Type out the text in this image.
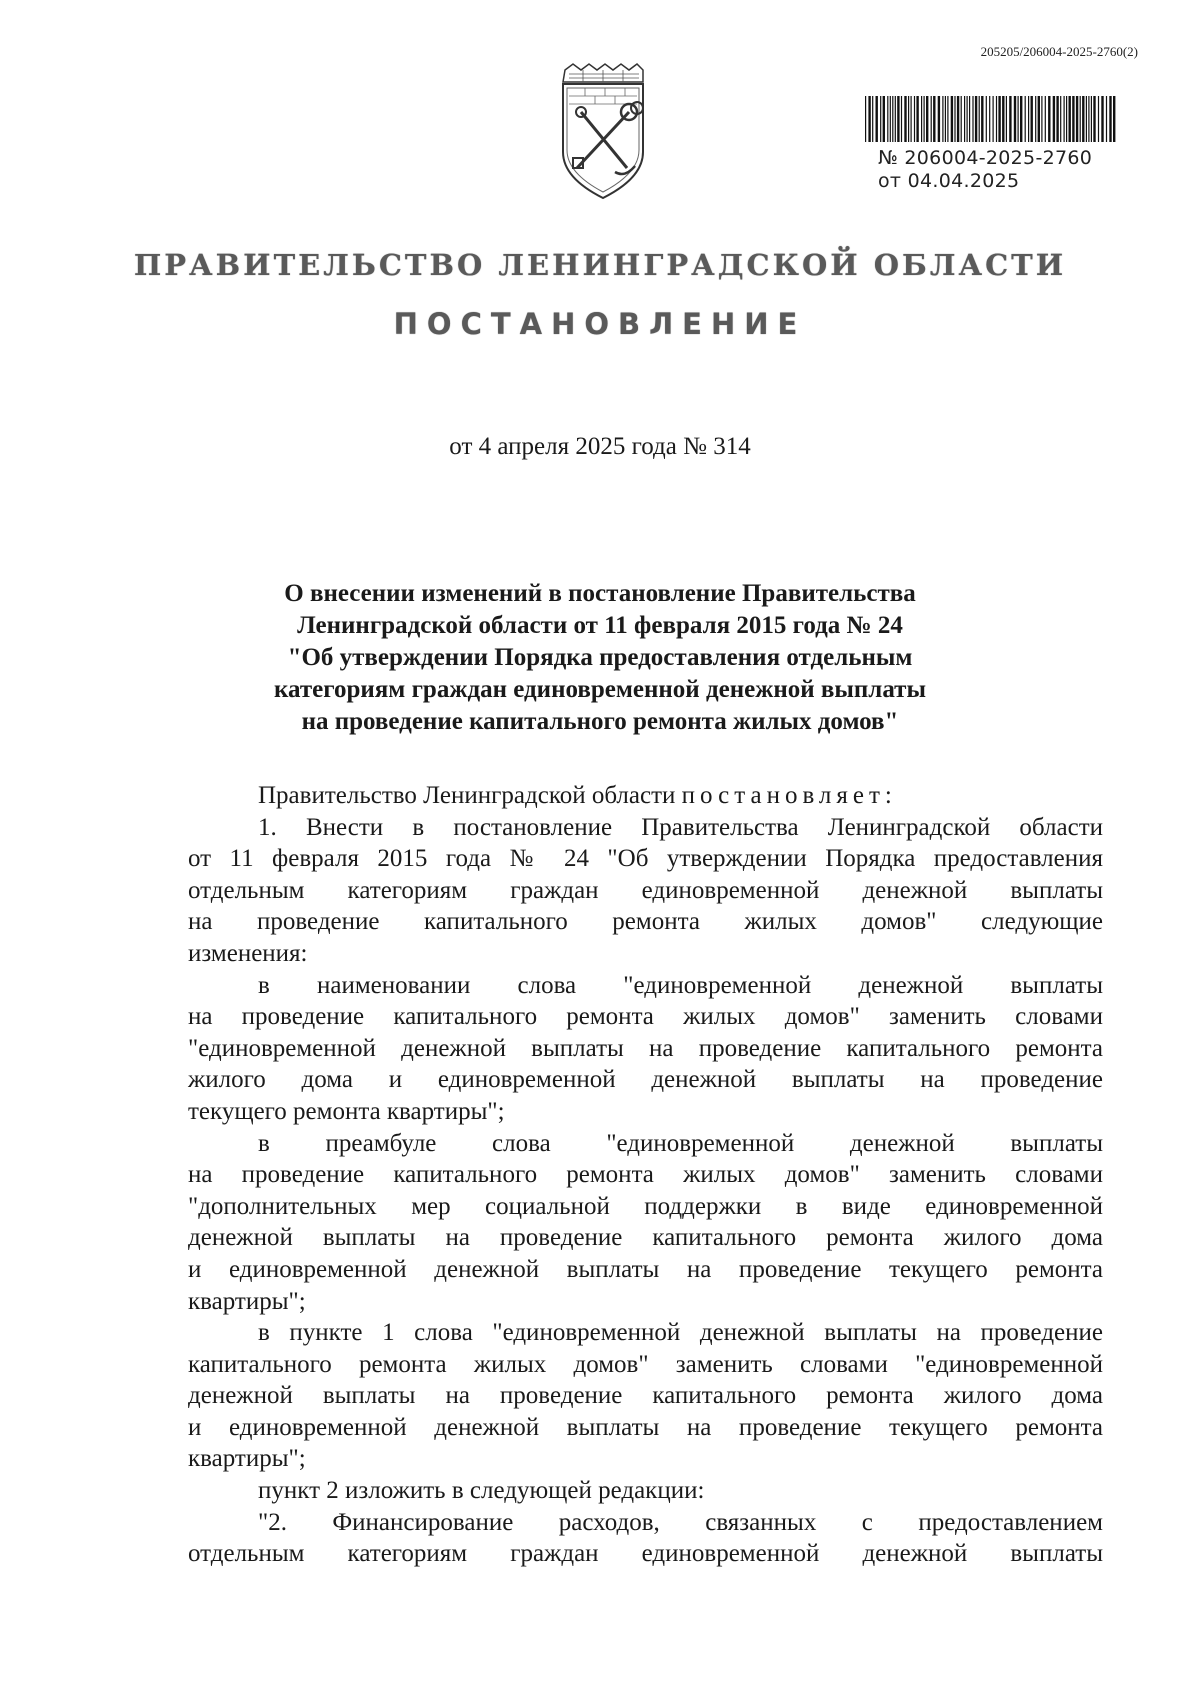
205205/206004-2025-2760(2)
№ 206004-2025-2760
от 04.04.2025
ПРАВИТЕЛЬСТВО ЛЕНИНГРАДСКОЙ ОБЛАСТИ
ПОСТАНОВЛЕНИЕ
от 4 апреля 2025 года № 314
О внесении изменений в постановление Правительства
Ленинградской области от 11 февраля 2015 года № 24
"Об утверждении Порядка предоставления отдельным
категориям граждан единовременной денежной выплаты
на проведение капитального ремонта жилых домов"
Правительство Ленинградской области постановляет:
1. Внести в постановление Правительства Ленинградской области
от 11 февраля 2015 года № 24 "Об утверждении Порядка предоставления
отдельным категориям граждан единовременной денежной выплаты
на проведение капитального ремонта жилых домов" следующие
изменения:
в наименовании слова "единовременной денежной выплаты
на проведение капитального ремонта жилых домов" заменить словами
"единовременной денежной выплаты на проведение капитального ремонта
жилого дома и единовременной денежной выплаты на проведение
текущего ремонта квартиры";
в преамбуле слова "единовременной денежной выплаты
на проведение капитального ремонта жилых домов" заменить словами
"дополнительных мер социальной поддержки в виде единовременной
денежной выплаты на проведение капитального ремонта жилого дома
и единовременной денежной выплаты на проведение текущего ремонта
квартиры";
в пункте 1 слова "единовременной денежной выплаты на проведение
капитального ремонта жилых домов" заменить словами "единовременной
денежной выплаты на проведение капитального ремонта жилого дома
и единовременной денежной выплаты на проведение текущего ремонта
квартиры";
пункт 2 изложить в следующей редакции:
"2. Финансирование расходов, связанных с предоставлением
отдельным категориям граждан единовременной денежной выплаты
